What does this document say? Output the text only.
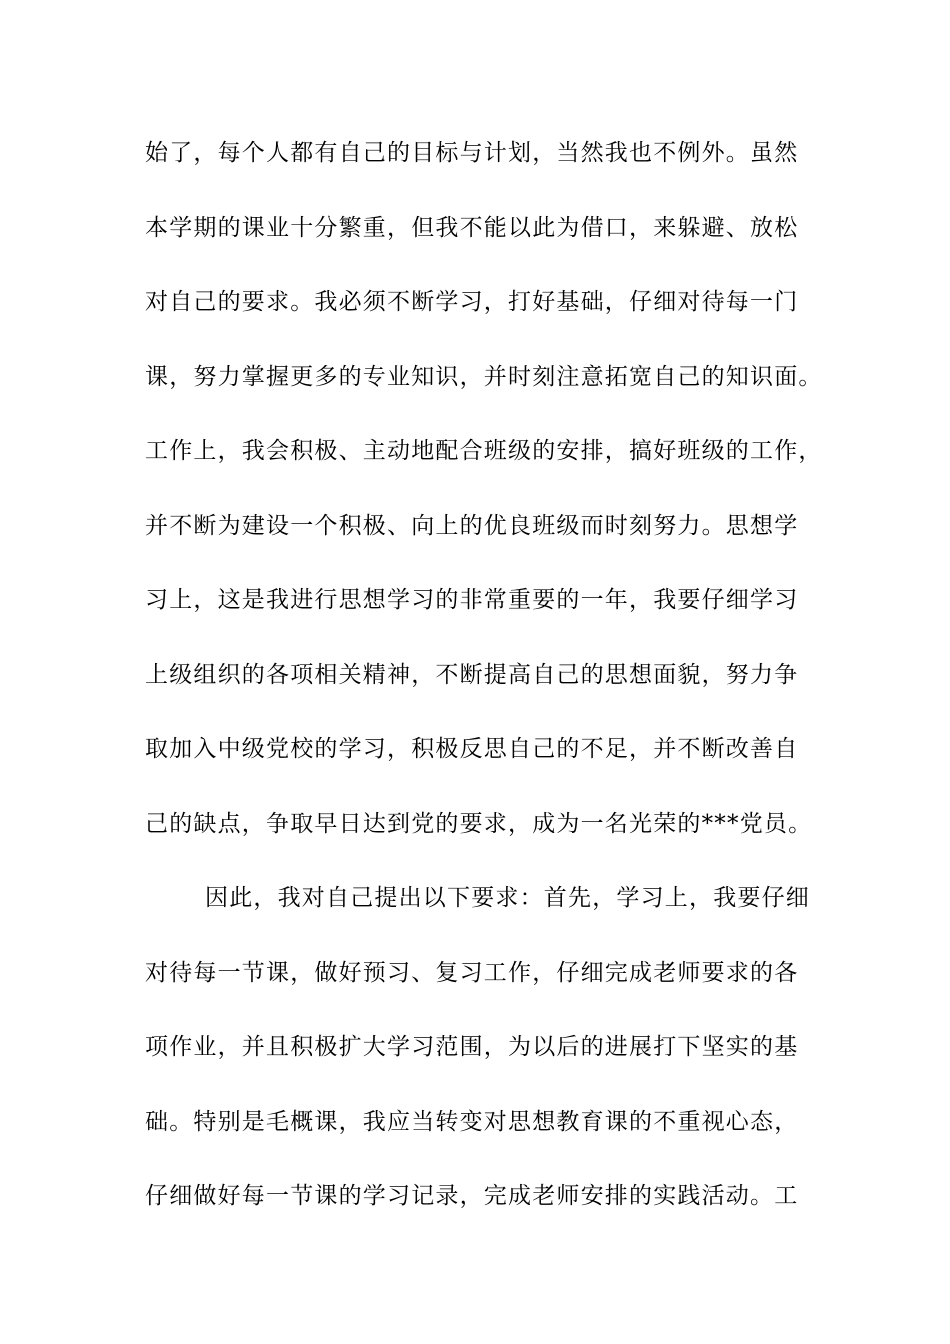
始了，每个人都有自己的目标与计划，当然我也不例外。虽然
本学期的课业十分繁重，但我不能以此为借口，来躲避、放松
对自己的要求。我必须不断学习，打好基础，仔细对待每一门
课，努力掌握更多的专业知识，并时刻注意拓宽自己的知识面。
工作上，我会积极、主动地配合班级的安排，搞好班级的工作，
并不断为建设一个积极、向上的优良班级而时刻努力。思想学
习上，这是我进行思想学习的非常重要的一年，我要仔细学习
上级组织的各项相关精神，不断提高自己的思想面貌，努力争
取加入中级党校的学习，积极反思自己的不足，并不断改善自
己的缺点，争取早日达到党的要求，成为一名光荣的***党员。
因此，我对自己提出以下要求：首先，学习上，我要仔细
对待每一节课，做好预习、复习工作，仔细完成老师要求的各
项作业，并且积极扩大学习范围，为以后的进展打下坚实的基
础。特别是毛概课，我应当转变对思想教育课的不重视心态，
仔细做好每一节课的学习记录，完成老师安排的实践活动。工
